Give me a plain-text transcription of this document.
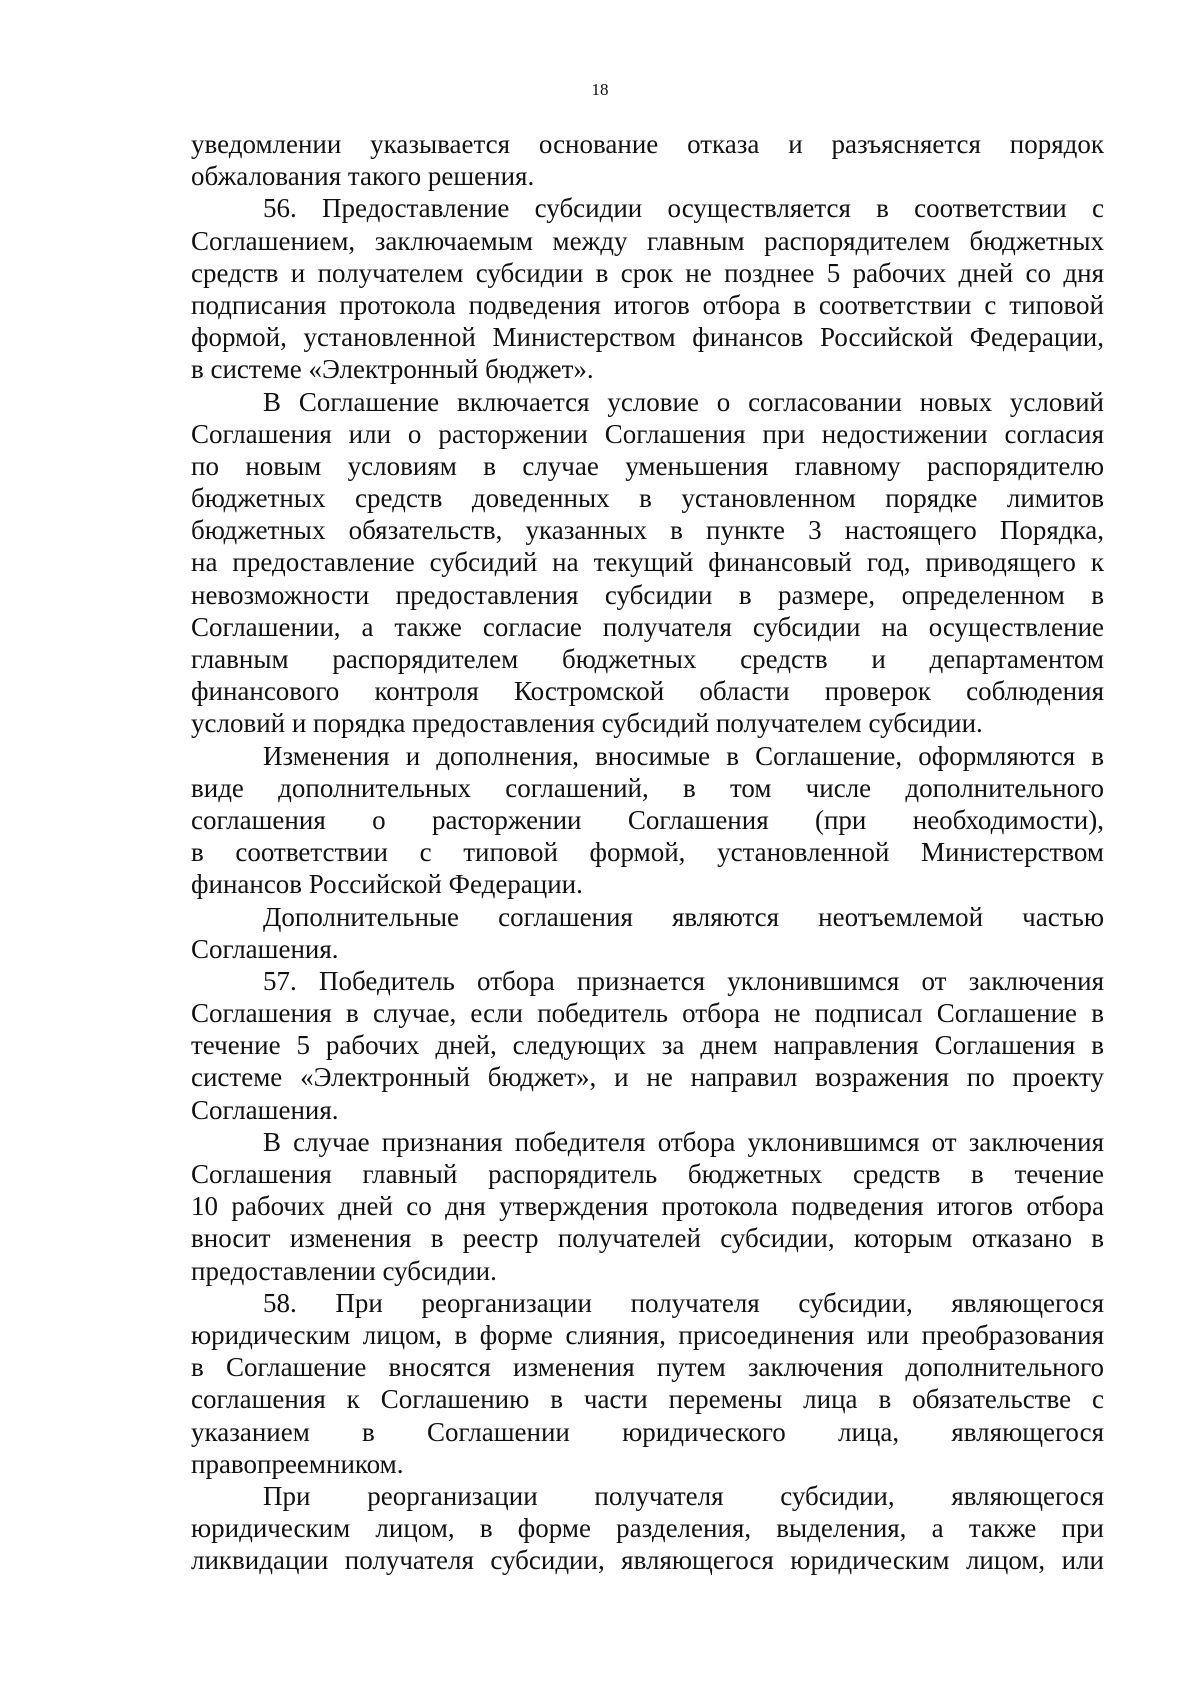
18
уведомлении указывается основание отказа и разъясняется порядок
обжалования такого решения.
56. Предоставление субсидии осуществляется в соответствии с
Соглашением, заключаемым между главным распорядителем бюджетных
средств и получателем субсидии в срок не позднее 5 рабочих дней со дня
подписания протокола подведения итогов отбора в соответствии с типовой
формой, установленной Министерством финансов Российской Федерации,
в системе «Электронный бюджет».
В Соглашение включается условие о согласовании новых условий
Соглашения или о расторжении Соглашения при недостижении согласия
по новым условиям в случае уменьшения главному распорядителю
бюджетных средств доведенных в установленном порядке лимитов
бюджетных обязательств, указанных в пункте 3 настоящего Порядка,
на предоставление субсидий на текущий финансовый год, приводящего к
невозможности предоставления субсидии в размере, определенном в
Соглашении, а также согласие получателя субсидии на осуществление
главным распорядителем бюджетных средств и департаментом
финансового контроля Костромской области проверок соблюдения
условий и порядка предоставления субсидий получателем субсидии.
Изменения и дополнения, вносимые в Соглашение, оформляются в
виде дополнительных соглашений, в том числе дополнительного
соглашения о расторжении Соглашения (при необходимости),
в соответствии с типовой формой, установленной Министерством
финансов Российской Федерации.
Дополнительные соглашения являются неотъемлемой частью
Соглашения.
57. Победитель отбора признается уклонившимся от заключения
Соглашения в случае, если победитель отбора не подписал Соглашение в
течение 5 рабочих дней, следующих за днем направления Соглашения в
системе «Электронный бюджет», и не направил возражения по проекту
Соглашения.
В случае признания победителя отбора уклонившимся от заключения
Соглашения главный распорядитель бюджетных средств в течение
10 рабочих дней со дня утверждения протокола подведения итогов отбора
вносит изменения в реестр получателей субсидии, которым отказано в
предоставлении субсидии.
58. При реорганизации получателя субсидии, являющегося
юридическим лицом, в форме слияния, присоединения или преобразования
в Соглашение вносятся изменения путем заключения дополнительного
соглашения к Соглашению в части перемены лица в обязательстве с
указанием в Соглашении юридического лица, являющегося
правопреемником.
При реорганизации получателя субсидии, являющегося
юридическим лицом, в форме разделения, выделения, а также при
ликвидации получателя субсидии, являющегося юридическим лицом, или
